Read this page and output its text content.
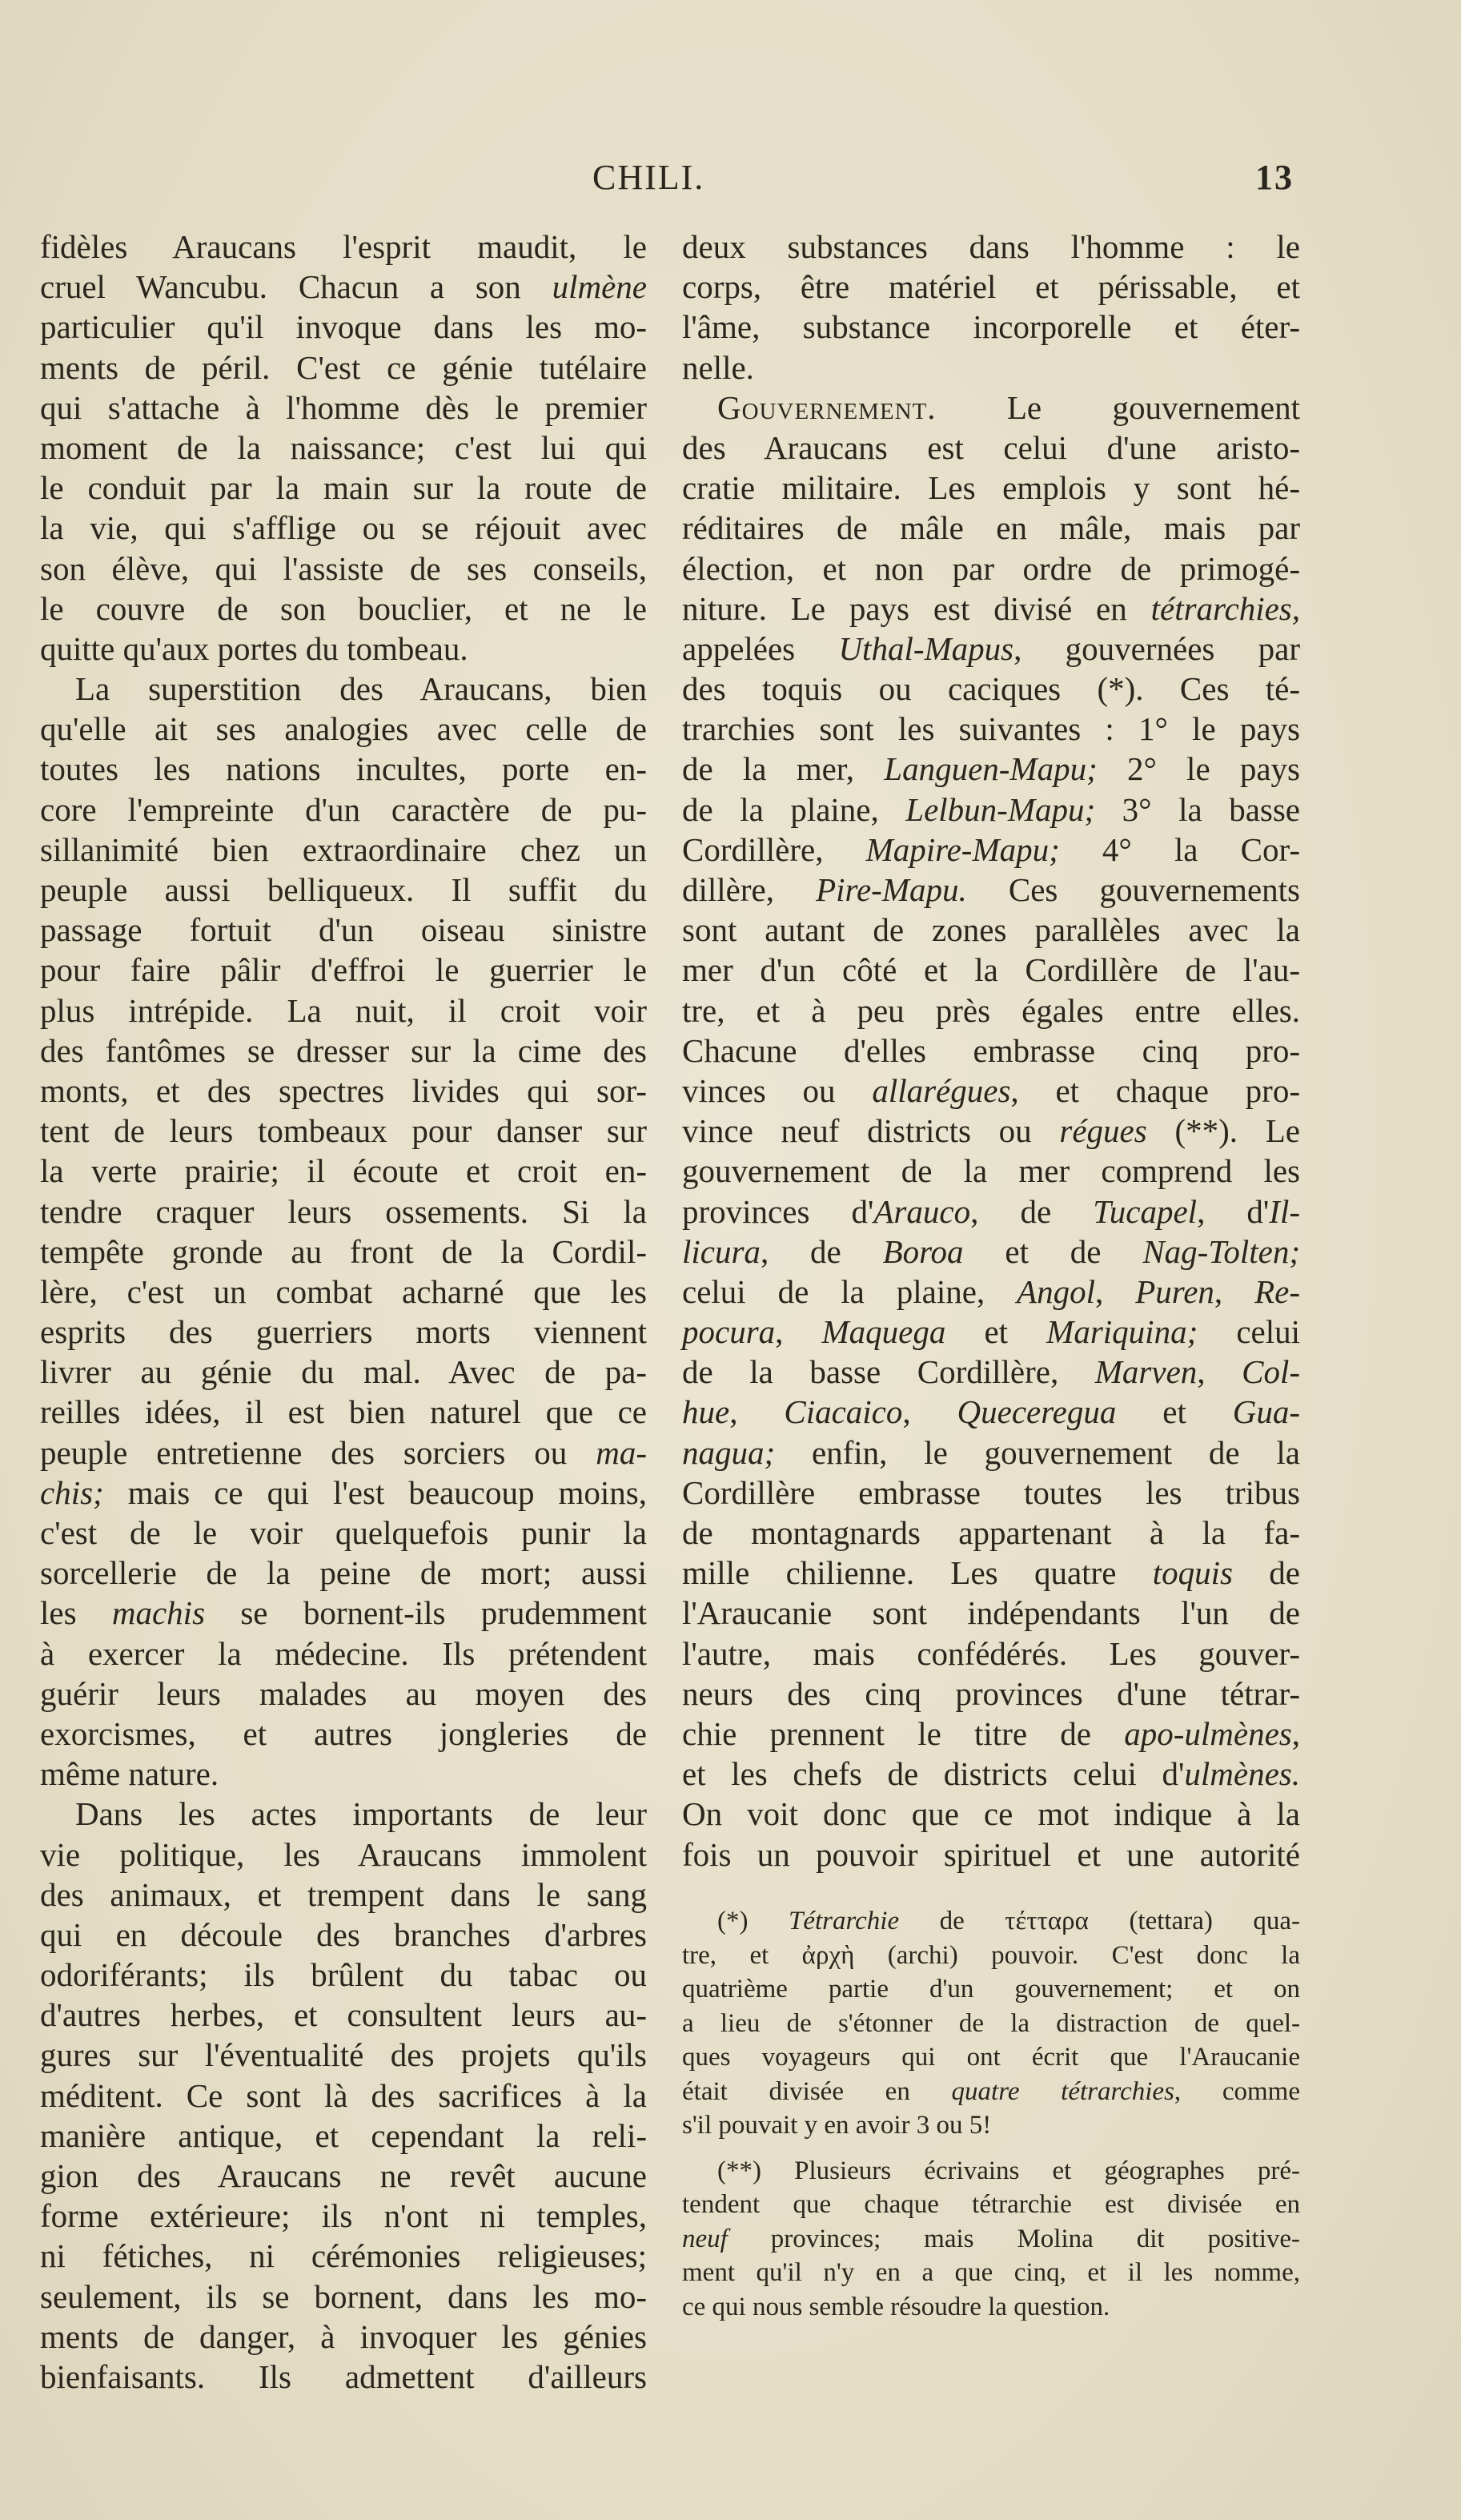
CHILI.	13
fidèles Araucans l'esprit maudit, le
cruel Wancubu. Chacun a son ulmène
particulier qu'il invoque dans les mo-
ments de péril. C'est ce génie tutélaire
qui s'attache à l'homme dès le premier
moment de la naissance; c'est lui qui
le conduit par la main sur la route de
la vie, qui s'afflige ou se réjouit avec
son élève, qui l'assiste de ses conseils,
le couvre de son bouclier, et ne le
quitte qu'aux portes du tombeau.
La superstition des Araucans, bien
qu'elle ait ses analogies avec celle de
toutes les nations incultes, porte en-
core l'empreinte d'un caractère de pu-
sillanimité bien extraordinaire chez un
peuple aussi belliqueux. Il suffit du
passage fortuit d'un oiseau sinistre
pour faire pâlir d'effroi le guerrier le
plus intrépide. La nuit, il croit voir
des fantômes se dresser sur la cime des
monts, et des spectres livides qui sor-
tent de leurs tombeaux pour danser sur
la verte prairie; il écoute et croit en-
tendre craquer leurs ossements. Si la
tempête gronde au front de la Cordil-
lère, c'est un combat acharné que les
esprits des guerriers morts viennent
livrer au génie du mal. Avec de pa-
reilles idées, il est bien naturel que ce
peuple entretienne des sorciers ou ma-
chis; mais ce qui l'est beaucoup moins,
c'est de le voir quelquefois punir la
sorcellerie de la peine de mort; aussi
les machis se bornent-ils prudemment
à exercer la médecine. Ils prétendent
guérir leurs malades au moyen des
exorcismes, et autres jongleries de
même nature.
Dans les actes importants de leur
vie politique, les Araucans immolent
des animaux, et trempent dans le sang
qui en découle des branches d'arbres
odoriférants; ils brûlent du tabac ou
d'autres herbes, et consultent leurs au-
gures sur l'éventualité des projets qu'ils
méditent. Ce sont là des sacrifices à la
manière antique, et cependant la reli-
gion des Araucans ne revêt aucune
forme extérieure; ils n'ont ni temples,
ni fétiches, ni cérémonies religieuses;
seulement, ils se bornent, dans les mo-
ments de danger, à invoquer les génies
bienfaisants. Ils admettent d'ailleurs
deux substances dans l'homme : le
corps, être matériel et périssable, et
l'âme, substance incorporelle et éter-
nelle.
Gouvernement. Le gouvernement
des Araucans est celui d'une aristo-
cratie militaire. Les emplois y sont hé-
réditaires de mâle en mâle, mais par
élection, et non par ordre de primogé-
niture. Le pays est divisé en tétrarchies,
appelées Uthal-Mapus, gouvernées par
des toquis ou caciques (*). Ces té-
trarchies sont les suivantes : 1° le pays
de la mer, Languen-Mapu; 2° le pays
de la plaine, Lelbun-Mapu; 3° la basse
Cordillère, Mapire-Mapu; 4° la Cor-
dillère, Pire-Mapu. Ces gouvernements
sont autant de zones parallèles avec la
mer d'un côté et la Cordillère de l'au-
tre, et à peu près égales entre elles.
Chacune d'elles embrasse cinq pro-
vinces ou allarégues, et chaque pro-
vince neuf districts ou régues (**). Le
gouvernement de la mer comprend les
provinces d'Arauco, de Tucapel, d'Il-
licura, de Boroa et de Nag-Tolten;
celui de la plaine, Angol, Puren, Re-
pocura, Maquega et Mariquina; celui
de la basse Cordillère, Marven, Col-
hue, Ciacaico, Queceregua et Gua-
nagua; enfin, le gouvernement de la
Cordillère embrasse toutes les tribus
de montagnards appartenant à la fa-
mille chilienne. Les quatre toquis de
l'Araucanie sont indépendants l'un de
l'autre, mais confédérés. Les gouver-
neurs des cinq provinces d'une tétrar-
chie prennent le titre de apo-ulmènes,
et les chefs de districts celui d'ulmènes.
On voit donc que ce mot indique à la
fois un pouvoir spirituel et une autorité
(*) Tétrarchie de τέτταρα (tettara) qua-
tre, et ἀρχὴ (archi) pouvoir. C'est donc la
quatrième partie d'un gouvernement; et on
a lieu de s'étonner de la distraction de quel-
ques voyageurs qui ont écrit que l'Araucanie
était divisée en quatre tétrarchies, comme
s'il pouvait y en avoir 3 ou 5!
(**) Plusieurs écrivains et géographes pré-
tendent que chaque tétrarchie est divisée en
neuf provinces; mais Molina dit positive-
ment qu'il n'y en a que cinq, et il les nomme,
ce qui nous semble résoudre la question.
